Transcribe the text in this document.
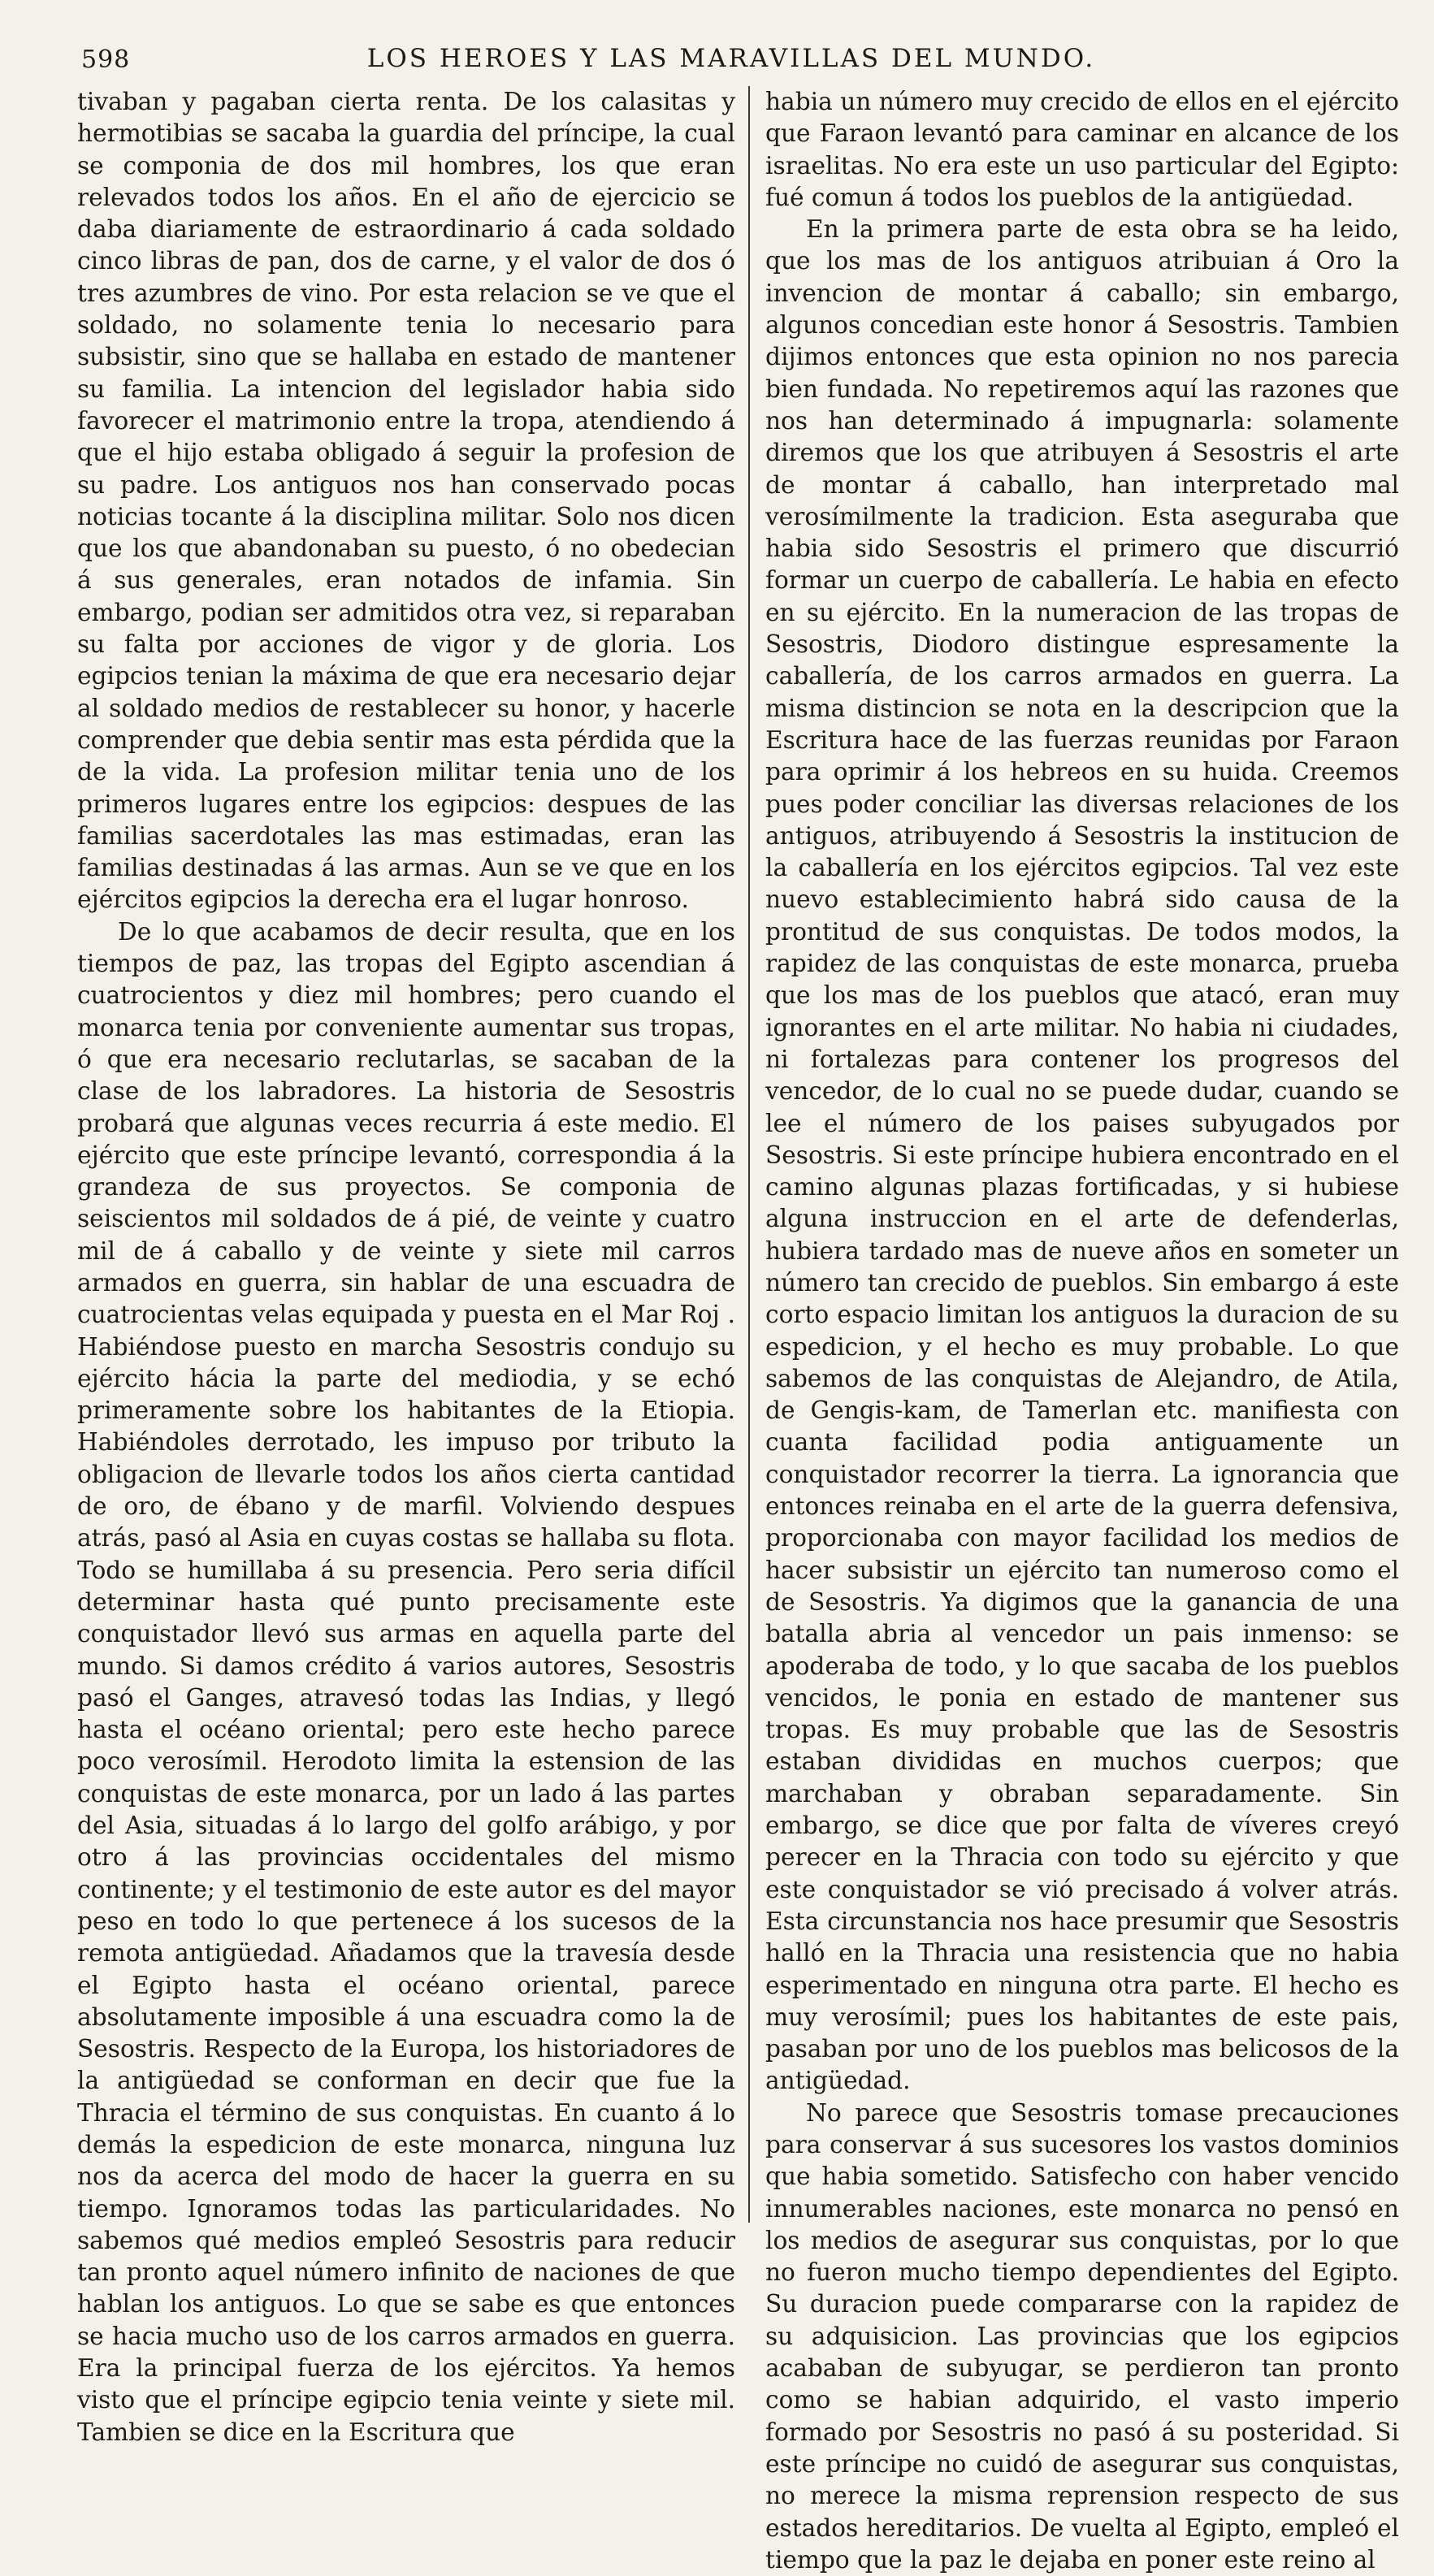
598	LOS HEROES Y LAS MARAVILLAS DEL MUNDO.

tivaban y pagaban cierta renta. De los calasitas y hermotibias se sacaba la guardia del príncipe, la cual se componia de dos mil hombres, los que eran relevados todos los años. En el año de ejercicio se daba diariamente de estraordinario á cada soldado cinco libras de pan, dos de carne, y el valor de dos ó tres azumbres de vino. Por esta relacion se ve que el soldado, no solamente tenia lo necesario para subsistir, sino que se hallaba en estado de mantener su familia. La intencion del legislador habia sido favorecer el matrimonio entre la tropa, atendiendo á que el hijo estaba obligado á seguir la profesion de su padre. Los antiguos nos han conservado pocas noticias tocante á la disciplina militar. Solo nos dicen que los que abandonaban su puesto, ó no obedecian á sus generales, eran notados de infamia. Sin embargo, podian ser admitidos otra vez, si reparaban su falta por acciones de vigor y de gloria. Los egipcios tenian la máxima de que era necesario dejar al soldado medios de restablecer su honor, y hacerle comprender que debia sentir mas esta pérdida que la de la vida. La profesion militar tenia uno de los primeros lugares entre los egipcios: despues de las familias sacerdotales las mas estimadas, eran las familias destinadas á las armas. Aun se ve que en los ejércitos egipcios la derecha era el lugar honroso.

De lo que acabamos de decir resulta, que en los tiempos de paz, las tropas del Egipto ascendian á cuatrocientos y diez mil hombres; pero cuando el monarca tenia por conveniente aumentar sus tropas, ó que era necesario reclutarlas, se sacaban de la clase de los labradores. La historia de Sesostris probará que algunas veces recurria á este medio. El ejército que este príncipe levantó, correspondia á la grandeza de sus proyectos. Se componia de seiscientos mil soldados de á pié, de veinte y cuatro mil de á caballo y de veinte y siete mil carros armados en guerra, sin hablar de una escuadra de cuatrocientas velas equipada y puesta en el Mar Roj . Habiéndose puesto en marcha Sesostris condujo su ejército hácia la parte del mediodia, y se echó primeramente sobre los habitantes de la Etiopia. Habiéndoles derrotado, les impuso por tributo la obligacion de llevarle todos los años cierta cantidad de oro, de ébano y de marfil. Volviendo despues atrás, pasó al Asia en cuyas costas se hallaba su flota. Todo se humillaba á su presencia. Pero seria difícil determinar hasta qué punto precisamente este conquistador llevó sus armas en aquella parte del mundo. Si damos crédito á varios autores, Sesostris pasó el Ganges, atravesó todas las Indias, y llegó hasta el océano oriental; pero este hecho parece poco verosímil. Herodoto limita la estension de las conquistas de este monarca, por un lado á las partes del Asia, situadas á lo largo del golfo arábigo, y por otro á las provincias occidentales del mismo continente; y el testimonio de este autor es del mayor peso en todo lo que pertenece á los sucesos de la remota antigüedad. Añadamos que la travesía desde el Egipto hasta el océano oriental, parece absolutamente imposible á una escuadra como la de Sesostris. Respecto de la Europa, los historiadores de la antigüedad se conforman en decir que fue la Thracia el término de sus conquistas. En cuanto á lo demás la espedicion de este monarca, ninguna luz nos da acerca del modo de hacer la guerra en su tiempo. Ignoramos todas las particularidades. No sabemos qué medios empleó Sesostris para reducir tan pronto aquel número infinito de naciones de que hablan los antiguos. Lo que se sabe es que entonces se hacia mucho uso de los carros armados en guerra. Era la principal fuerza de los ejércitos. Ya hemos visto que el príncipe egipcio tenia veinte y siete mil. Tambien se dice en la Escritura que

habia un número muy crecido de ellos en el ejército que Faraon levantó para caminar en alcance de los israelitas. No era este un uso particular del Egipto: fué comun á todos los pueblos de la antigüedad.

En la primera parte de esta obra se ha leido, que los mas de los antiguos atribuian á Oro la invencion de montar á caballo; sin embargo, algunos concedian este honor á Sesostris. Tambien dijimos entonces que esta opinion no nos parecia bien fundada. No repetiremos aquí las razones que nos han determinado á impugnarla: solamente diremos que los que atribuyen á Sesostris el arte de montar á caballo, han interpretado mal verosímilmente la tradicion. Esta aseguraba que habia sido Sesostris el primero que discurrió formar un cuerpo de caballería. Le habia en efecto en su ejército. En la numeracion de las tropas de Sesostris, Diodoro distingue espresamente la caballería, de los carros armados en guerra. La misma distincion se nota en la descripcion que la Escritura hace de las fuerzas reunidas por Faraon para oprimir á los hebreos en su huida. Creemos pues poder conciliar las diversas relaciones de los antiguos, atribuyendo á Sesostris la institucion de la caballería en los ejércitos egipcios. Tal vez este nuevo establecimiento habrá sido causa de la prontitud de sus conquistas. De todos modos, la rapidez de las conquistas de este monarca, prueba que los mas de los pueblos que atacó, eran muy ignorantes en el arte militar. No habia ni ciudades, ni fortalezas para contener los progresos del vencedor, de lo cual no se puede dudar, cuando se lee el número de los paises subyugados por Sesostris. Si este príncipe hubiera encontrado en el camino algunas plazas fortificadas, y si hubiese alguna instruccion en el arte de defenderlas, hubiera tardado mas de nueve años en someter un número tan crecido de pueblos. Sin embargo á este corto espacio limitan los antiguos la duracion de su espedicion, y el hecho es muy probable. Lo que sabemos de las conquistas de Alejandro, de Atila, de Gengis-kam, de Tamerlan etc. manifiesta con cuanta facilidad podia antiguamente un conquistador recorrer la tierra. La ignorancia que entonces reinaba en el arte de la guerra defensiva, proporcionaba con mayor facilidad los medios de hacer subsistir un ejército tan numeroso como el de Sesostris. Ya digimos que la ganancia de una batalla abria al vencedor un pais inmenso: se apoderaba de todo, y lo que sacaba de los pueblos vencidos, le ponia en estado de mantener sus tropas. Es muy probable que las de Sesostris estaban divididas en muchos cuerpos; que marchaban y obraban separadamente. Sin embargo, se dice que por falta de víveres creyó perecer en la Thracia con todo su ejército y que este conquistador se vió precisado á volver atrás. Esta circunstancia nos hace presumir que Sesostris halló en la Thracia una resistencia que no habia esperimentado en ninguna otra parte. El hecho es muy verosímil; pues los habitantes de este pais, pasaban por uno de los pueblos mas belicosos de la antigüedad.

No parece que Sesostris tomase precauciones para conservar á sus sucesores los vastos dominios que habia sometido. Satisfecho con haber vencido innumerables naciones, este monarca no pensó en los medios de asegurar sus conquistas, por lo que no fueron mucho tiempo dependientes del Egipto. Su duracion puede compararse con la rapidez de su adquisicion. Las provincias que los egipcios acababan de subyugar, se perdieron tan pronto como se habian adquirido, el vasto imperio formado por Sesostris no pasó á su posteridad. Si este príncipe no cuidó de asegurar sus conquistas, no merece la misma reprension respecto de sus estados hereditarios. De vuelta al Egipto, empleó el tiempo que la paz le dejaba en poner este reino al
